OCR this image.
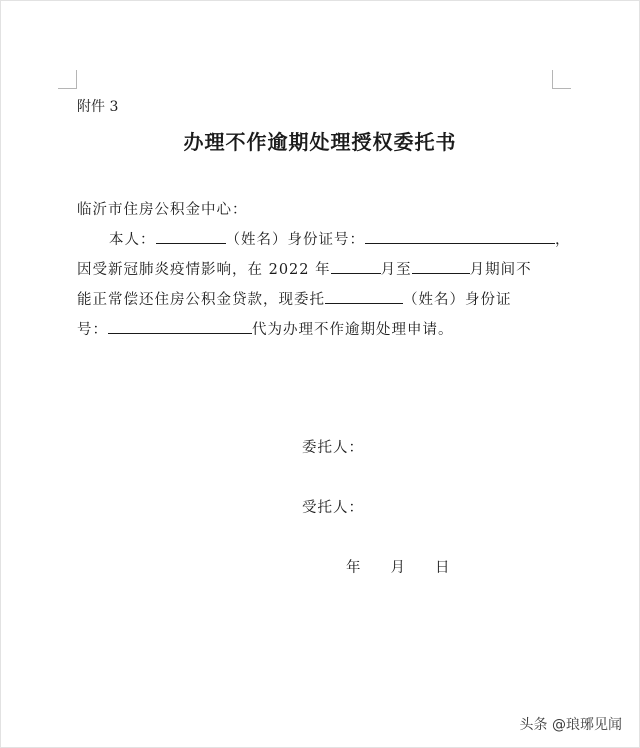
附件 3
办理不作逾期处理授权委托书
临沂市住房公积金中心：
本人：	（姓名）身份证号：	，
因受新冠肺炎疫情影响，在 2022 年	月至	月期间不
能正常偿还住房公积金贷款，现委托	（姓名）身份证
号：	代为办理不作逾期处理申请。
委托人：
受托人：
年 月 日
头条 @琅琊见闻
